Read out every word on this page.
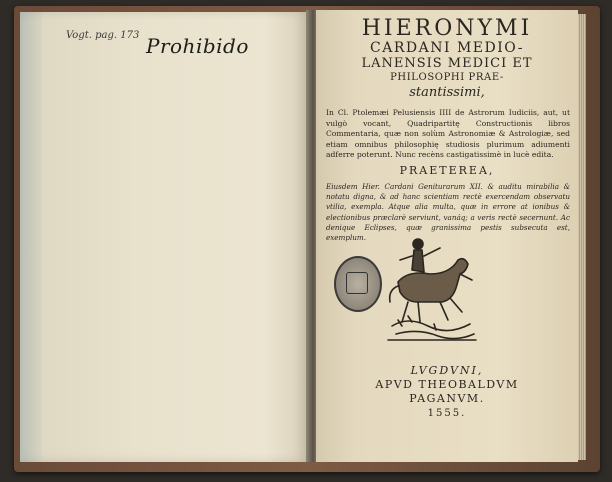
Vogt. pag. 173 Prohibido
HIERONYMI
CARDANI MEDIO-
LANENSIS MEDICI ET
PHILOSOPHI PRAE-
stantissimi,
In Cl. Ptolemæi Pelusiensis IIII de Astrorum Iudiciis, aut, ut vulgò vocant, Quadripartitę Constructionis libros Commentaria, quæ non solùm Astronomiæ & Astrologiæ, sed etiam omnibus philosophię studiosis plurimum adiumenti adferre poterunt. Nunc recèns castigatissimè in lucè edita.
PRAETEREA,
Eiusdem Hier. Cardani Geniturarum XII. & auditu mirabilia & notatu digna, & ad hanc scientiam rectè exercendam observatu vtilia, exempla. Atque alia multa, quæ in errore at ionibus & electionibus præclarè serviunt, vanáq; a veris rectè secernunt. Ac denique Eclipses, quæ granissima pestis subsecuta est, exemplum.
LVGDVNI,
APVD THEOBALDVM
PAGANVM.
1555.
